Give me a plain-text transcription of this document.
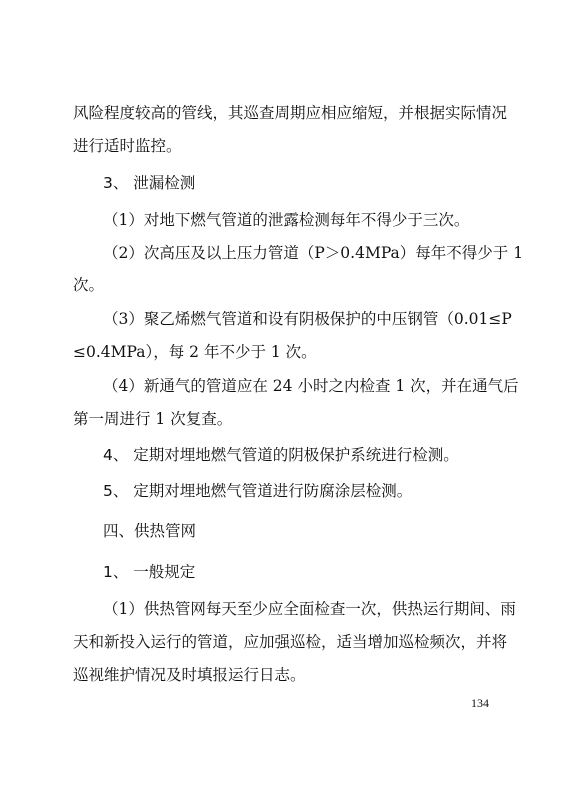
风险程度较高的管线，其巡查周期应相应缩短，并根据实际情况
进行适时监控。
3、 泄漏检测
（1）对地下燃气管道的泄露检测每年不得少于三次。
（2）次高压及以上压力管道（P＞0.4MPa）每年不得少于 1
次。
（3）聚乙烯燃气管道和设有阴极保护的中压钢管（0.01≤P
≤0.4MPa），每 2 年不少于 1 次。
（4）新通气的管道应在 24 小时之内检查 1 次，并在通气后
第一周进行 1 次复查。
4、 定期对埋地燃气管道的阴极保护系统进行检测。
5、 定期对埋地燃气管道进行防腐涂层检测。
四、供热管网
1、 一般规定
（1）供热管网每天至少应全面检查一次，供热运行期间、雨
天和新投入运行的管道，应加强巡检，适当增加巡检频次，并将
巡视维护情况及时填报运行日志。
134
